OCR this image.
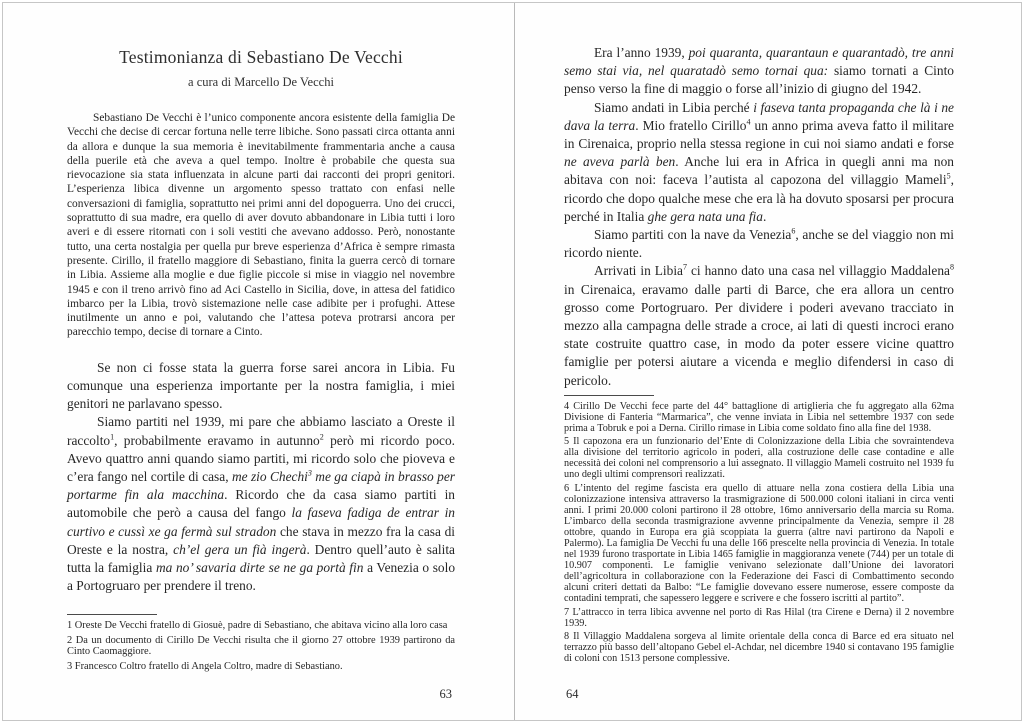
Testimonianza di Sebastiano De Vecchi
a cura di Marcello De Vecchi

Sebastiano De Vecchi è l’unico componente ancora esistente della famiglia De Vecchi che decise di cercar fortuna nelle terre libiche. Sono passati circa ottanta anni da allora e dunque la sua memoria è inevitabilmente frammentaria anche a causa della puerile età che aveva a quel tempo. Inoltre è probabile che questa sua rievocazione sia stata influenzata in alcune parti dai racconti dei propri genitori. L’esperienza libica divenne un argomento spesso trattato con enfasi nelle conversazioni di famiglia, soprattutto nei primi anni del dopoguerra. Uno dei crucci, soprattutto di sua madre, era quello di aver dovuto abbandonare in Libia tutti i loro averi e di essere ritornati con i soli vestiti che avevano addosso. Però, nonostante tutto, una certa nostalgia per quella pur breve esperienza d’Africa è sempre rimasta presente. Cirillo, il fratello maggiore di Sebastiano, finita la guerra cercò di tornare in Libia. Assieme alla moglie e due figlie piccole si mise in viaggio nel novembre 1945 e con il treno arrivò fino ad Aci Castello in Sicilia, dove, in attesa del fatidico imbarco per la Libia, trovò sistemazione nelle case adibite per i profughi. Attese inutilmente un anno e poi, valutando che l’attesa poteva protrarsi ancora per parecchio tempo, decise di tornare a Cinto.

Se non ci fosse stata la guerra forse sarei ancora in Libia. Fu comunque una esperienza importante per la nostra famiglia, i miei genitori ne parlavano spesso.

Siamo partiti nel 1939, mi pare che abbiamo lasciato a Oreste il raccolto$^1$, probabilmente eravamo in autunno$^2$ però mi ricordo poco. Avevo quattro anni quando siamo partiti, mi ricordo solo che pioveva e c’era fango nel cortile di casa, me zio Chechi$^3$ me ga ciapà in brasso per portarme fin ala macchina. Ricordo che da casa siamo partiti in automobile che però a causa del fango la faseva fadiga de entrar in curtivo e cussì xe ga fermà sul stradon che stava in mezzo fra la casa di Oreste e la nostra, ch’el gera un fià ingerà. Dentro quell’auto è salita tutta la famiglia ma no’ savaria dirte se ne ga portà fin a Venezia o solo a Portogruaro per prendere il treno.

1 Oreste De Vecchi fratello di Giosuè, padre di Sebastiano, che abitava vicino alla loro casa

2 Da un documento di Cirillo De Vecchi risulta che il giorno 27 ottobre 1939 partirono da Cinto Caomaggiore.

3 Francesco Coltro fratello di Angela Coltro, madre di Sebastiano.

63

Era l’anno 1939, poi quaranta, quarantaun e quarantadò, tre anni semo stai via, nel quaratadò semo tornai qua: siamo tornati a Cinto penso verso la fine di maggio o forse all’inizio di giugno del 1942.

Siamo andati in Libia perché i faseva tanta propaganda che là i ne dava la terra. Mio fratello Cirillo$^4$ un anno prima aveva fatto il militare in Cirenaica, proprio nella stessa regione in cui noi siamo andati e forse ne aveva parlà ben. Anche lui era in Africa in quegli anni ma non abitava con noi: faceva l’autista al capozona del villaggio Mameli$^5$, ricordo che dopo qualche mese che era là ha dovuto sposarsi per procura perché in Italia ghe gera nata una fia.

Siamo partiti con la nave da Venezia$^6$, anche se del viaggio non mi ricordo niente.

Arrivati in Libia$^7$ ci hanno dato una casa nel villaggio Maddalena$^8$ in Cirenaica, eravamo dalle parti di Barce, che era allora un centro grosso come Portogruaro. Per dividere i poderi avevano tracciato in mezzo alla campagna delle strade a croce, ai lati di questi incroci erano state costruite quattro case, in modo da poter essere vicine quattro famiglie per potersi aiutare a vicenda e meglio difendersi in caso di pericolo.

4 Cirillo De Vecchi fece parte del 44° battaglione di artiglieria che fu aggregato alla 62ma Divisione di Fanteria “Marmarica”, che venne inviata in Libia nel settembre 1937 con sede prima a Tobruk e poi a Derna. Cirillo rimase in Libia come soldato fino alla fine del 1938.

5 Il capozona era un funzionario del’Ente di Colonizzazione della Libia che sovraintendeva alla divisione del territorio agricolo in poderi, alla costruzione delle case contadine e alle necessità dei coloni nel comprensorio a lui assegnato. Il villaggio Mameli costruito nel 1939 fu uno degli ultimi comprensori realizzati.

6 L’intento del regime fascista era quello di attuare nella zona costiera della Libia una colonizzazione intensiva attraverso la trasmigrazione di 500.000 coloni italiani in circa venti anni. I primi 20.000 coloni partirono il 28 ottobre, 16mo anniversario della marcia su Roma. L’imbarco della seconda trasmigrazione avvenne principalmente da Venezia, sempre il 28 ottobre, quando in Europa era già scoppiata la guerra (altre navi partirono da Napoli e Palermo). La famiglia De Vecchi fu una delle 166 prescelte nella provincia di Venezia. In totale nel 1939 furono trasportate in Libia 1465 famiglie in maggioranza venete (744) per un totale di 10.907 componenti. Le famiglie venivano selezionate dall’Unione dei lavoratori dell’agricoltura in collaborazione con la Federazione dei Fasci di Combattimento secondo alcuni criteri dettati da Balbo: “Le famiglie dovevano essere numerose, essere composte da contadini temprati, che sapessero leggere e scrivere e che fossero iscritti al partito”.

7 L’attracco in terra libica avvenne nel porto di Ras Hilal (tra Cirene e Derna) il 2 novembre 1939.

8 Il Villaggio Maddalena sorgeva al limite orientale della conca di Barce ed era situato nel terrazzo più basso dell’altopano Gebel el-Achdar, nel dicembre 1940 si contavano 195 famiglie di coloni con 1513 persone complessive.

64
